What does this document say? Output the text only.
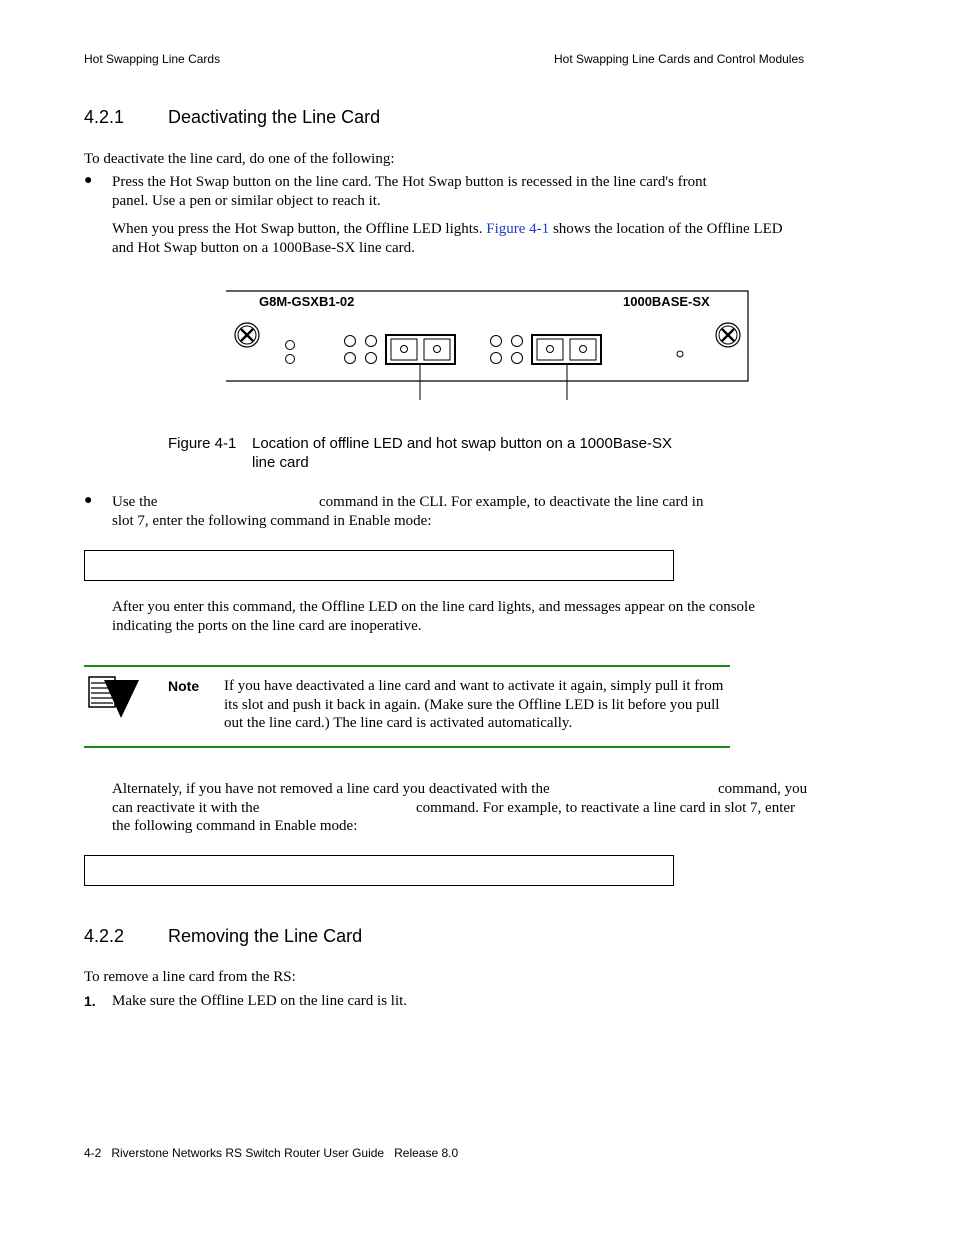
Hot Swapping Line Cards	Hot Swapping Line Cards and Control Modules
4.2.1 Deactivating the Line Card
To deactivate the line card, do one of the following:
● Press the Hot Swap button on the line card. The Hot Swap button is recessed in the line card's front
panel. Use a pen or similar object to reach it.
When you press the Hot Swap button, the Offline LED lights. Figure 4-1 shows the location of the Offline LED
and Hot Swap button on a 1000Base-SX line card.
G8M-GSXB1-02	1000BASE-SX
Figure 4-1 Location of offline LED and hot swap button on a 1000Base-SX
line card
● Use the	command in the CLI. For example, to deactivate the line card in
slot 7, enter the following command in Enable mode:
After you enter this command, the Offline LED on the line card lights, and messages appear on the console
indicating the ports on the line card are inoperative.
Note If you have deactivated a line card and want to activate it again, simply pull it from
its slot and push it back in again. (Make sure the Offline LED is lit before you pull
out the line card.) The line card is activated automatically.
Alternately, if you have not removed a line card you deactivated with the	command, you
can reactivate it with the	command. For example, to reactivate a line card in slot 7, enter
the following command in Enable mode:
4.2.2 Removing the Line Card
To remove a line card from the RS:
1. Make sure the Offline LED on the line card is lit.
4-2   Riverstone Networks RS Switch Router User Guide   Release 8.0
